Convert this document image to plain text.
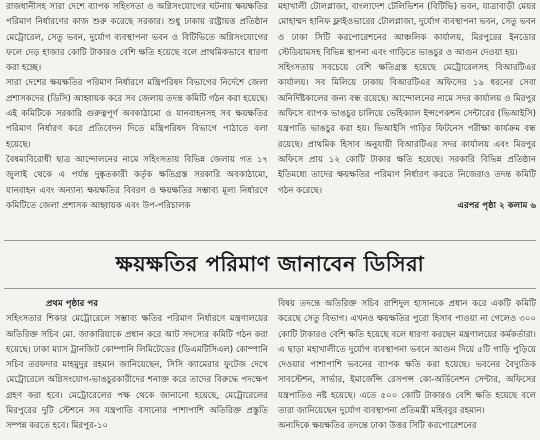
রাজধানীসহ সারা দেশে ব্যাপক সহিংসতা ও অগ্নিসংযোগের ঘটনায় ক্ষয়ক্ষতির পরিমাণ নির্ধারণের কাজ শুরু করেছে সরকার। শুধু ঢাকায় রাষ্ট্রায়ত্ত প্রতিষ্ঠান মেট্রোরেল, সেতু ভবন, দুর্যোগ ব্যবস্থাপনা ভবন ও বিটিভিতে অগ্নিসংযোগের ফলে দেড় হাজার কোটি টাকারও বেশি ক্ষতি হয়েছে বলে প্রাথমিকভাবে ধারণা করা হচ্ছে।

সারা দেশের ক্ষয়ক্ষতির পরিমাণ নির্ধারণে মন্ত্রিপরিষদ বিভাগের নির্দেশে জেলা প্রশাসকদের (ডিসি) আহ্বায়ক করে সব জেলায় তদন্ত কমিটি গঠন করা হয়েছে। এই কমিটিকে সরকারি গুরুত্বপূর্ণ অবকাঠামো ও যানবাহনসহ সব ক্ষয়ক্ষতির পরিমাণ নির্ধারণ করে প্রতিবেদন দিতে মন্ত্রিপরিষদ বিভাগে পাঠাতে বলা হয়েছে।

বৈষম্যবিরোধী ছাত্র আন্দোলনের নামে সহিংসতায় বিভিন্ন জেলায় গত ১৭ জুলাই থেকে এ পর্যন্ত দুষ্কৃতকারী কর্তৃক ক্ষতিগ্রস্ত সরকারি অবকাঠামো, যানবাহন এবং অন্যান্য ক্ষয়ক্ষতির বিবরণ ও ক্ষয়ক্ষতির সম্ভাব্য মূল্য নির্ধারণে কমিটিতে জেলা প্রশাসক আহ্বায়ক এবং উপ-পরিচালক

মহাখালী টোলপ্লাজা, বাংলাদেশ টেলিভিশন (বিটিভি) ভবন, যাত্রাবাড়ী মেয়র মোহাম্মদ হানিফ ফ্লাইওভারের টোলপ্লাজা, দুর্যোগ ব্যবস্থাপনা ভবন, সেতু ভবন ও ঢাকা সিটি করপোরেশনের আঞ্চলিক কার্যালয়, মিরপুরের ইনডোর স্টেডিয়ামসহ বিভিন্ন স্থাপনা এবং গাড়িতে ভাঙচুর ও আগুন দেওয়া হয়।

সহিংসতায় সবচেয়ে বেশি ক্ষতিগ্রস্ত হয়েছে মেট্রোরেলসহ বিআরটিএর কার্যালয়। সব মিলিয়ে ঢাকায় বিআরটিএর অফিসের ১৯ ধরনের সেবা অনির্দিষ্টকালের জন্য বন্ধ রয়েছে। আন্দোলনের নামে সদর কার্যালয় ও মিরপুর অফিসে ব্যাপক ভাঙচুর চালিয়ে ভেহিক্যাল ইন্সপেকশন সেন্টারের (ভিআইসি) যন্ত্রপাতি ভাঙচুর করা হয়। ভিআইসি গাড়ির ফিটনেস পরীক্ষা কার্যক্রম বন্ধ রয়েছে। প্রাথমিক হিসাব অনুযায়ী বিআরটিএর সদর কার্যালয় এবং মিরপুর অফিসে প্রায় ১২ কোটি টাকার ক্ষতি হয়েছে। সরকারি বিভিন্ন প্রতিষ্ঠান ইতিমধ্যে তাদের ক্ষয়ক্ষতির পরিমাণ নির্ধারণ করতে নিজেরাও তদন্ত কমিটি গঠন করেছে।

এরপর পৃষ্ঠা ২ কলাম ৬

ক্ষয়ক্ষতির পরিমাণ জানাবেন ডিসিরা

প্রথম পৃষ্ঠার পর

সহিংসতার শিকার মেট্রোরেলে সম্ভাব্য ক্ষতির পরিমাণ নির্ধারণে মন্ত্রণালয়ের অতিরিক্ত সচিব মো. জাকারিয়াকে প্রধান করে আট সদস্যের কমিটি গঠন করা হয়েছে। ঢাকা ম্যাস ট্রানজিট কোম্পানি লিমিটেডের (ডিএমটিসিএল) কোম্পানি সচিব তরফদার মাহমুদুর রহমান জানিয়েছেন, সিসি ক্যামেরার ফুটেজ দেখে মেট্রোরেলে অগ্নিসংযোগ-ভাঙচুরকারীদের শনাক্ত করে তাদের বিরুদ্ধে পদক্ষেপ গ্রহণ করা হবে। মেট্রোরেলের পক্ষ থেকে জানানো হয়েছে, মেট্রোরেলের মিরপুরের দুটি স্টেশনে সব যন্ত্রপাতি বসানোর পাশাপাশি অতিরিক্ত প্রস্তুতি সম্পন্ন করতে হবে। মিরপুর-১০

বিষয় তদন্তে অতিরিক্ত সচিব রাশিদুল হাসানকে প্রধান করে একটি কমিটি করেছে সেতু বিভাগ। এখনও ক্ষয়ক্ষতির পুরো হিসাব পাওয়া না গেলেও ৩০০ কোটি টাকারও বেশি ক্ষতি হয়েছে বলে ধারণা করছেন মন্ত্রণালয়ের কর্মকর্তারা। এ ছাড়া মহাখালীতে দুর্যোগ ব্যবস্থাপনা ভবনে আগুন দিয়ে ৫টি গাড়ি পুড়িয়ে দেওয়ার পাশাপাশি ভবনের ব্যাপক ক্ষতি করা হয়েছে। ভবনের বৈদ্যুতিক সাবস্টেশন, সার্ভার, ইমার্জেন্সি রেসপন্স কো-অর্ডিনেশন সেন্টার, অফিসের যন্ত্রপাতিও নষ্ট হয়েছে। এতে ৫০০ কোটি টাকারও বেশি ক্ষতি হয়েছে বলে তারা জানিয়েছেন দুর্যোগ ব্যবস্থাপনা প্রতিমন্ত্রী মহিববুর রহমান।

অন্যদিকে ক্ষয়ক্ষতির তদন্তে ঢাকা উত্তর সিটি করপোরেশনের
